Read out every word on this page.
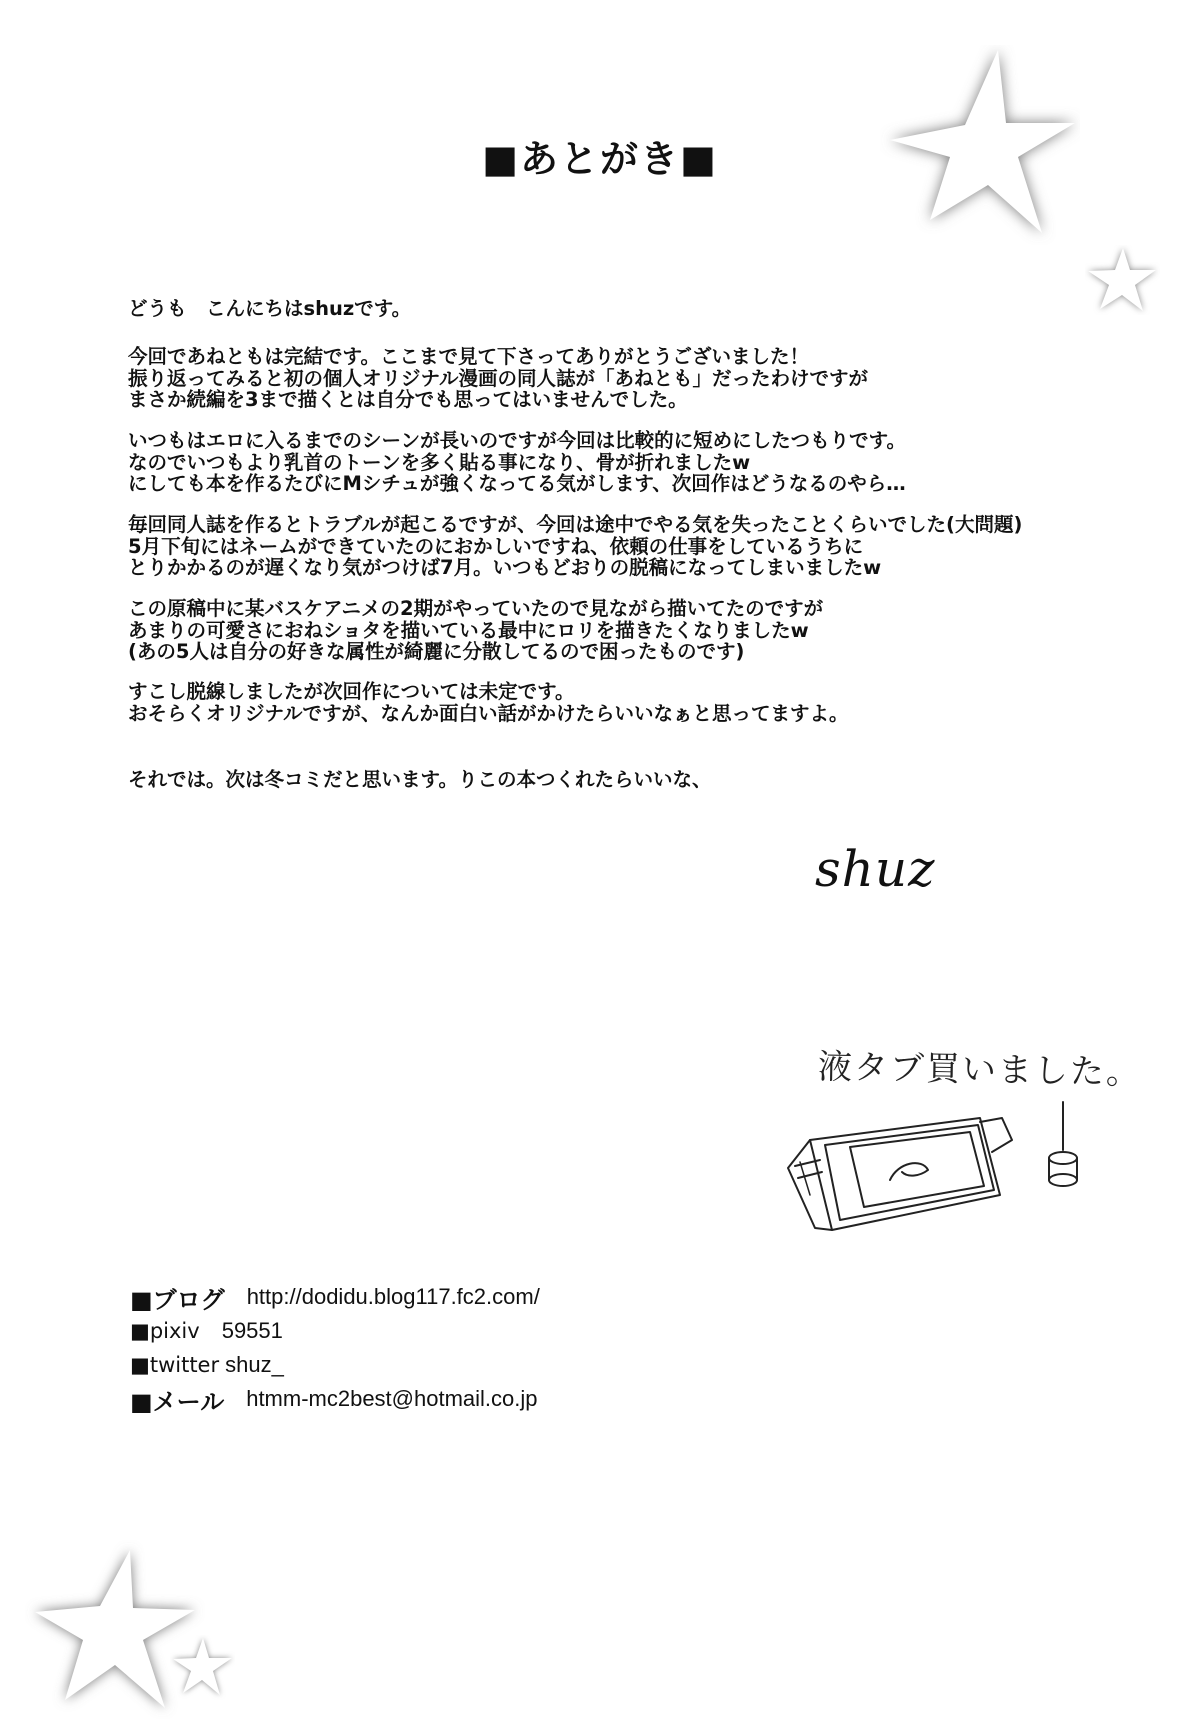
■あとがき■
どうも　こんにちはshuzです。
今回であねともは完結です。ここまで見て下さってありがとうございました！
振り返ってみると初の個人オリジナル漫画の同人誌が「あねとも」だったわけですが
まさか続編を3まで描くとは自分でも思ってはいませんでした。
いつもはエロに入るまでのシーンが長いのですが今回は比較的に短めにしたつもりです。
なのでいつもより乳首のトーンを多く貼る事になり、骨が折れましたw
にしても本を作るたびにMシチュが強くなってる気がします、次回作はどうなるのやら…
毎回同人誌を作るとトラブルが起こるですが、今回は途中でやる気を失ったことくらいでした(大問題)
5月下旬にはネームができていたのにおかしいですね、依頼の仕事をしているうちに
とりかかるのが遅くなり気がつけば7月。いつもどおりの脱稿になってしまいましたw
この原稿中に某バスケアニメの2期がやっていたので見ながら描いてたのですが
あまりの可愛さにおねショタを描いている最中にロリを描きたくなりましたw
(あの5人は自分の好きな属性が綺麗に分散してるので困ったものです)
すこし脱線しましたが次回作については未定です。
おそらくオリジナルですが、なんか面白い話がかけたらいいなぁと思ってますよ。
それでは。次は冬コミだと思います。りこの本つくれたらいいな、
shuz
液タブ買いました。
■ブログ http://dodidu.blog117.fc2.com/
■pixiv 59551
■twitter shuz_
■メール htmm-mc2best@hotmail.co.jp
